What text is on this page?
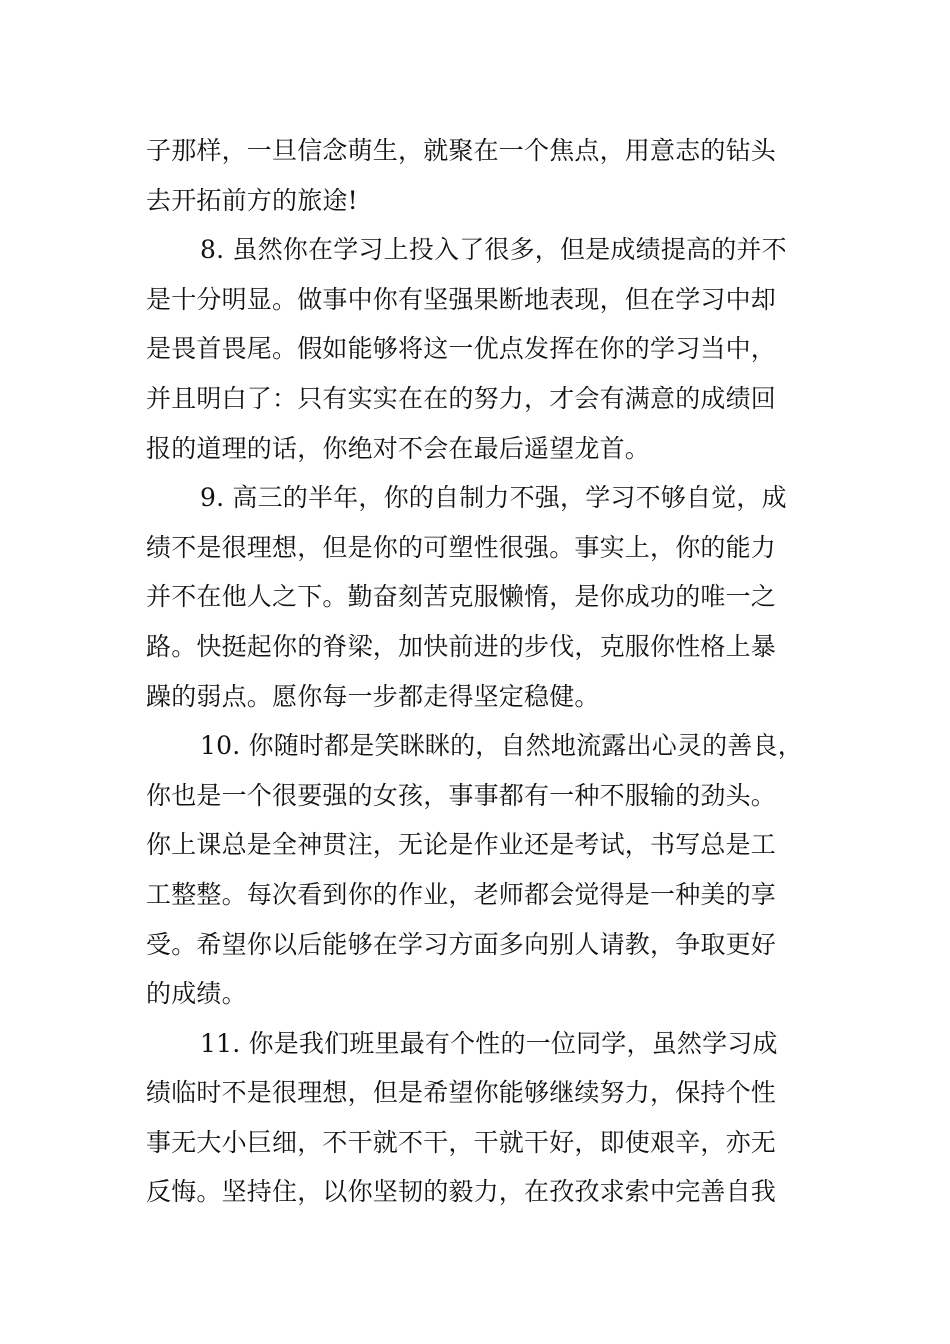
子那样，一旦信念萌生，就聚在一个焦点，用意志的钻头
去开拓前方的旅途!
8. 虽然你在学习上投入了很多，但是成绩提高的并不
是十分明显。做事中你有坚强果断地表现，但在学习中却
是畏首畏尾。假如能够将这一优点发挥在你的学习当中，
并且明白了：只有实实在在的努力，才会有满意的成绩回
报的道理的话，你绝对不会在最后遥望龙首。
9. 高三的半年，你的自制力不强，学习不够自觉，成
绩不是很理想，但是你的可塑性很强。事实上，你的能力
并不在他人之下。勤奋刻苦克服懒惰，是你成功的唯一之
路。快挺起你的脊梁，加快前进的步伐，克服你性格上暴
躁的弱点。愿你每一步都走得坚定稳健。
10. 你随时都是笑眯眯的，自然地流露出心灵的善良，
你也是一个很要强的女孩，事事都有一种不服输的劲头。
你上课总是全神贯注，无论是作业还是考试，书写总是工
工整整。每次看到你的作业，老师都会觉得是一种美的享
受。希望你以后能够在学习方面多向别人请教，争取更好
的成绩。
11. 你是我们班里最有个性的一位同学，虽然学习成
绩临时不是很理想，但是希望你能够继续努力，保持个性
事无大小巨细，不干就不干，干就干好，即使艰辛，亦无
反悔。坚持住，以你坚韧的毅力，在孜孜求索中完善自我
